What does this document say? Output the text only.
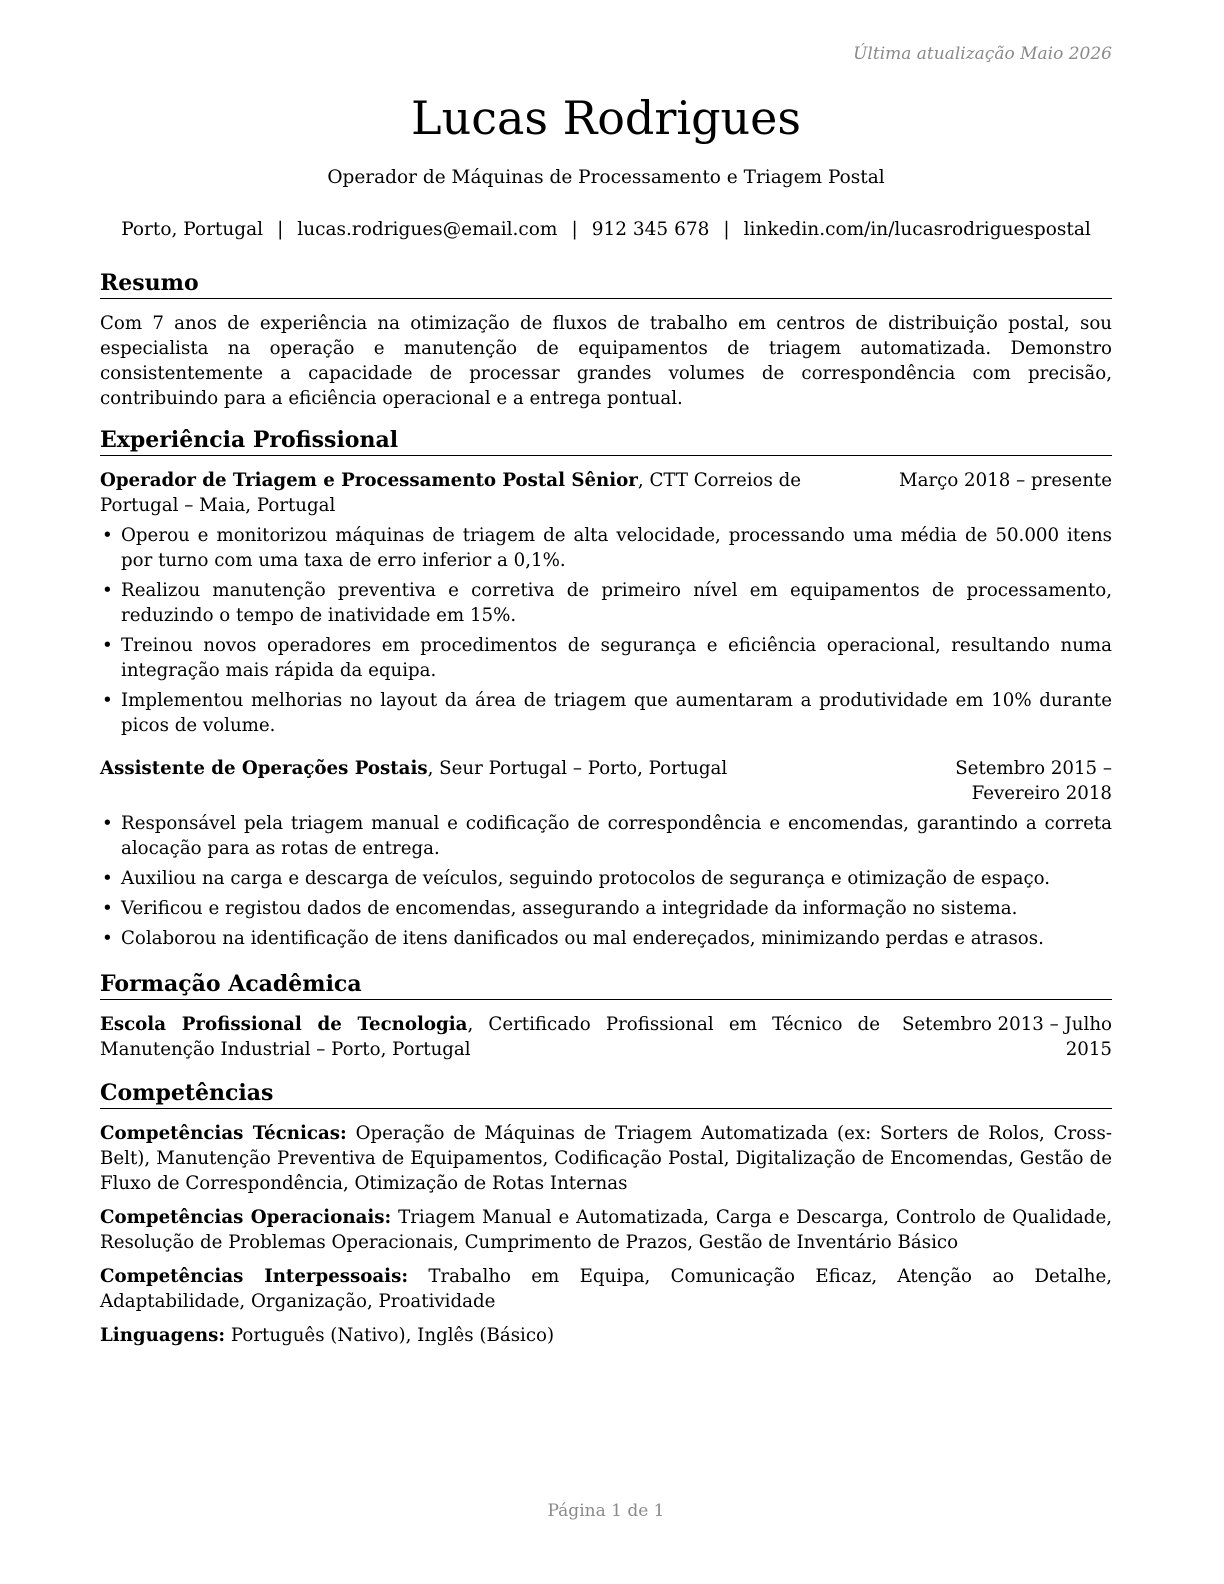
Última atualização Maio 2026
Lucas Rodrigues
Operador de Máquinas de Processamento e Triagem Postal
Porto, Portugal | lucas.rodrigues@email.com | 912 345 678 | linkedin.com/in/lucasrodriguespostal
Resumo

Com 7 anos de experiência na otimização de fluxos de trabalho em centros de distribuição postal, sou especialista na operação e manutenção de equipamentos de triagem automatizada. Demonstro consistentemente a capacidade de processar grandes volumes de correspondência com precisão, contribuindo para a eficiência operacional e a entrega pontual.

Experiência Profissional
Operador de Triagem e Processamento Postal Sênior, CTT Correios de Portugal – Maia, Portugal
Março 2018 – presente
• Operou e monitorizou máquinas de triagem de alta velocidade, processando uma média de 50.000 itens por turno com uma taxa de erro inferior a 0,1%.
• Realizou manutenção preventiva e corretiva de primeiro nível em equipamentos de processamento, reduzindo o tempo de inatividade em 15%.
• Treinou novos operadores em procedimentos de segurança e eficiência operacional, resultando numa integração mais rápida da equipa.
• Implementou melhorias no layout da área de triagem que aumentaram a produtividade em 10% durante picos de volume.
Assistente de Operações Postais, Seur Portugal – Porto, Portugal	Setembro 2015 – Fevereiro 2018
• Responsável pela triagem manual e codificação de correspondência e encomendas, garantindo a correta alocação para as rotas de entrega.
• Auxiliou na carga e descarga de veículos, seguindo protocolos de segurança e otimização de espaço.
• Verificou e registou dados de encomendas, assegurando a integridade da informação no sistema.
• Colaborou na identificação de itens danificados ou mal endereçados, minimizando perdas e atrasos.
Formação Acadêmica
Escola Profissional de Tecnologia, Certificado Profissional em Técnico de Manutenção Industrial – Porto, Portugal
Setembro 2013 – Julho 2015
Competências

Competências Técnicas: Operação de Máquinas de Triagem Automatizada (ex: Sorters de Rolos, Cross-Belt), Manutenção Preventiva de Equipamentos, Codificação Postal, Digitalização de Encomendas, Gestão de Fluxo de Correspondência, Otimização de Rotas Internas

Competências Operacionais: Triagem Manual e Automatizada, Carga e Descarga, Controlo de Qualidade, Resolução de Problemas Operacionais, Cumprimento de Prazos, Gestão de Inventário Básico

Competências Interpessoais: Trabalho em Equipa, Comunicação Eficaz, Atenção ao Detalhe, Adaptabilidade, Organização, Proatividade

Linguagens: Português (Nativo), Inglês (Básico)

Página 1 de 1
